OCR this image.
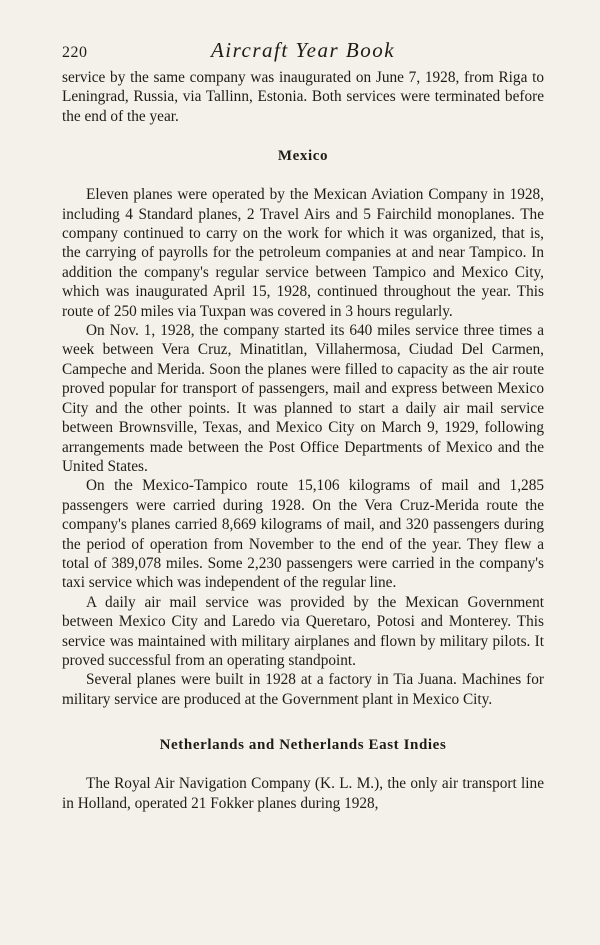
220	Aircraft Year Book

service by the same company was inaugurated on June 7, 1928, from Riga to Leningrad, Russia, via Tallinn, Estonia. Both services were terminated before the end of the year.

Mexico

Eleven planes were operated by the Mexican Aviation Company in 1928, including 4 Standard planes, 2 Travel Airs and 5 Fairchild monoplanes. The company continued to carry on the work for which it was organized, that is, the carrying of payrolls for the petroleum companies at and near Tampico. In addition the company's regular service between Tampico and Mexico City, which was inaugurated April 15, 1928, continued throughout the year. This route of 250 miles via Tuxpan was covered in 3 hours regularly.

On Nov. 1, 1928, the company started its 640 miles service three times a week between Vera Cruz, Minatitlan, Villahermosa, Ciudad Del Carmen, Campeche and Merida. Soon the planes were filled to capacity as the air route proved popular for transport of passengers, mail and express between Mexico City and the other points. It was planned to start a daily air mail service between Brownsville, Texas, and Mexico City on March 9, 1929, following arrangements made between the Post Office Departments of Mexico and the United States.

On the Mexico-Tampico route 15,106 kilograms of mail and 1,285 passengers were carried during 1928. On the Vera Cruz-Merida route the company's planes carried 8,669 kilograms of mail, and 320 passengers during the period of operation from November to the end of the year. They flew a total of 389,078 miles. Some 2,230 passengers were carried in the company's taxi service which was independent of the regular line.

A daily air mail service was provided by the Mexican Government between Mexico City and Laredo via Queretaro, Potosi and Monterey. This service was maintained with military airplanes and flown by military pilots. It proved successful from an operating standpoint.

Several planes were built in 1928 at a factory in Tia Juana. Machines for military service are produced at the Government plant in Mexico City.

Netherlands and Netherlands East Indies

The Royal Air Navigation Company (K. L. M.), the only air transport line in Holland, operated 21 Fokker planes during 1928,
